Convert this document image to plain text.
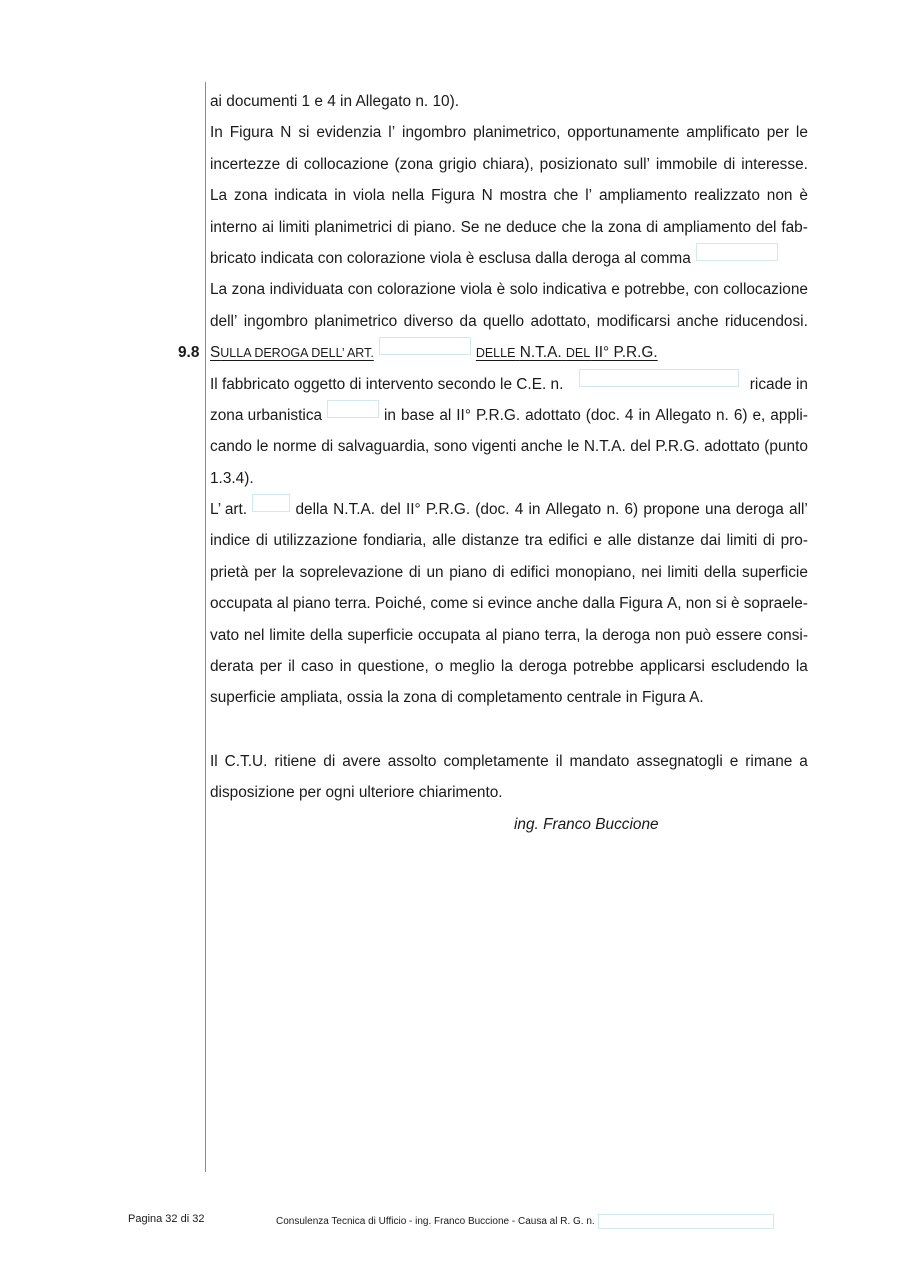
ai documenti 1 e 4 in Allegato n. 10).
In Figura N si evidenzia l’ ingombro planimetrico, opportunamente amplificato per le
incertezze di collocazione (zona grigio chiara), posizionato sull’ immobile di interesse.
La zona indicata in viola nella Figura N mostra che l’ ampliamento realizzato non è
interno ai limiti planimetrici di piano. Se ne deduce che la zona di ampliamento del fab-
bricato indicata con colorazione viola è esclusa dalla deroga al comma
La zona individuata con colorazione viola è solo indicativa e potrebbe, con collocazione
dell’ ingombro planimetrico diverso da quello adottato, modificarsi anche riducendosi.
9.8 SULLA DEROGA DELL’ ART.	DELLE N.T.A. DEL II° P.R.G.
Il fabbricato oggetto di intervento secondo le C.E. n.	ricade in
zona urbanistica	in base al II° P.R.G. adottato (doc. 4 in Allegato n. 6) e, appli-
cando le norme di salvaguardia, sono vigenti anche le N.T.A. del P.R.G. adottato (punto
1.3.4).
L’ art.	della N.T.A. del II° P.R.G. (doc. 4 in Allegato n. 6) propone una deroga all’
indice di utilizzazione fondiaria, alle distanze tra edifici e alle distanze dai limiti di pro-
prietà per la soprelevazione di un piano di edifici monopiano, nei limiti della superficie
occupata al piano terra. Poiché, come si evince anche dalla Figura A, non si è sopraele-
vato nel limite della superficie occupata al piano terra, la deroga non può essere consi-
derata per il caso in questione, o meglio la deroga potrebbe applicarsi escludendo la
superficie ampliata, ossia la zona di completamento centrale in Figura A.
Il C.T.U. ritiene di avere assolto completamente il mandato assegnatogli e rimane a
disposizione per ogni ulteriore chiarimento.
ing. Franco Buccione
Pagina 32 di 32	Consulenza Tecnica di Ufficio - ing. Franco Buccione - Causa al R. G. n.
